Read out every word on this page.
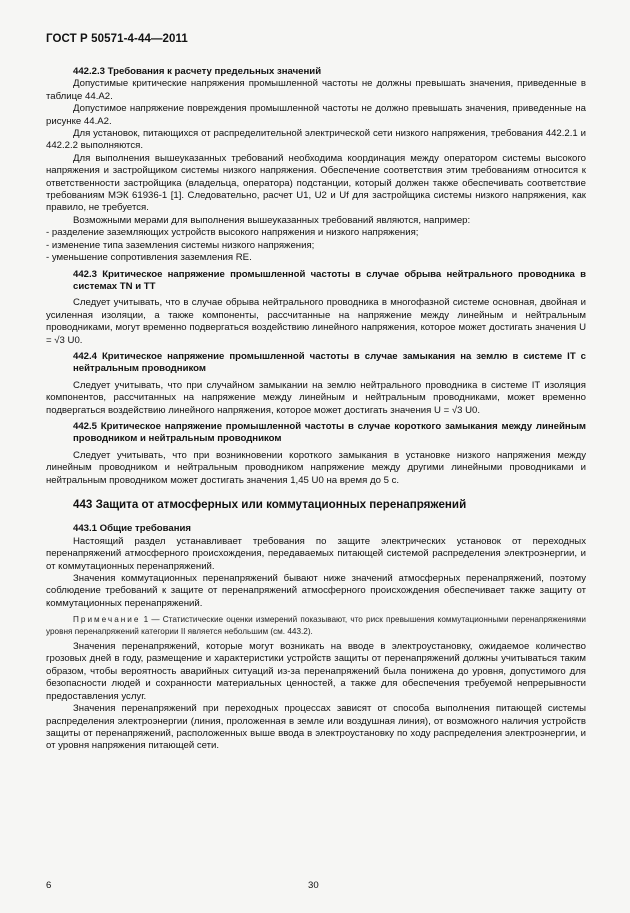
ГОСТ Р 50571-4-44—2011

442.2.3 Требования к расчету предельных значений

Допустимые критические напряжения промышленной частоты не должны превышать значения, приведенные в таблице 44.А2.

Допустимое напряжение повреждения промышленной частоты не должно превышать значения, приведенные на рисунке 44.А2.

Для установок, питающихся от распределительной электрической сети низкого напряжения, требования 442.2.1 и 442.2.2 выполняются.

Для выполнения вышеуказанных требований необходима координация между оператором системы высокого напряжения и застройщиком системы низкого напряжения. Обеспечение соответствия этим требованиям относится к ответственности застройщика (владельца, оператора) подстанции, который должен также обеспечивать соответствие требованиям МЭК 61936-1 [1]. Следовательно, расчет U1, U2 и Uf для застройщика системы низкого напряжения, как правило, не требуется.

Возможными мерами для выполнения вышеуказанных требований являются, например:

- разделение заземляющих устройств высокого напряжения и низкого напряжения;

- изменение типа заземления системы низкого напряжения;

- уменьшение сопротивления заземления RE.

442.3 Критическое напряжение промышленной частоты в случае обрыва нейтрального проводника в системах TN и TT

Следует учитывать, что в случае обрыва нейтрального проводника в многофазной системе основная, двойная и усиленная изоляции, а также компоненты, рассчитанные на напряжение между линейным и нейтральным проводниками, могут временно подвергаться воздействию линейного напряжения, которое может достигать значения U = √3 U0.

442.4 Критическое напряжение промышленной частоты в случае замыкания на землю в системе IT с нейтральным проводником

Следует учитывать, что при случайном замыкании на землю нейтрального проводника в системе IT изоляция компонентов, рассчитанных на напряжение между линейным и нейтральным проводниками, может временно подвергаться воздействию линейного напряжения, которое может достигать значения U = √3 U0.

442.5 Критическое напряжение промышленной частоты в случае короткого замыкания между линейным проводником и нейтральным проводником

Следует учитывать, что при возникновении короткого замыкания в установке низкого напряжения между линейным проводником и нейтральным проводником напряжение между другими линейными проводниками и нейтральным проводником может достигать значения 1,45 U0 на время до 5 с.

443 Защита от атмосферных или коммутационных перенапряжений

443.1 Общие требования

Настоящий раздел устанавливает требования по защите электрических установок от переходных перенапряжений атмосферного происхождения, передаваемых питающей системой распределения электроэнергии, и от коммутационных перенапряжений.

Значения коммутационных перенапряжений бывают ниже значений атмосферных перенапряжений, поэтому соблюдение требований к защите от перенапряжений атмосферного происхождения обеспечивает также защиту от коммутационных перенапряжений.

Примечание 1 — Статистические оценки измерений показывают, что риск превышения коммутационными перенапряжениями уровня перенапряжений категории II является небольшим (см. 443.2).

Значения перенапряжений, которые могут возникать на вводе в электроустановку, ожидаемое количество грозовых дней в году, размещение и характеристики устройств защиты от перенапряжений должны учитываться таким образом, чтобы вероятность аварийных ситуаций из-за перенапряжений была понижена до уровня, допустимого для безопасности людей и сохранности материальных ценностей, а также для обеспечения требуемой непрерывности предоставления услуг.

Значения перенапряжений при переходных процессах зависят от способа выполнения питающей системы распределения электроэнергии (линия, проложенная в земле или воздушная линия), от возможного наличия устройств защиты от перенапряжений, расположенных выше ввода в электроустановку по ходу распределения электроэнергии, и от уровня напряжения питающей сети.

6	30
